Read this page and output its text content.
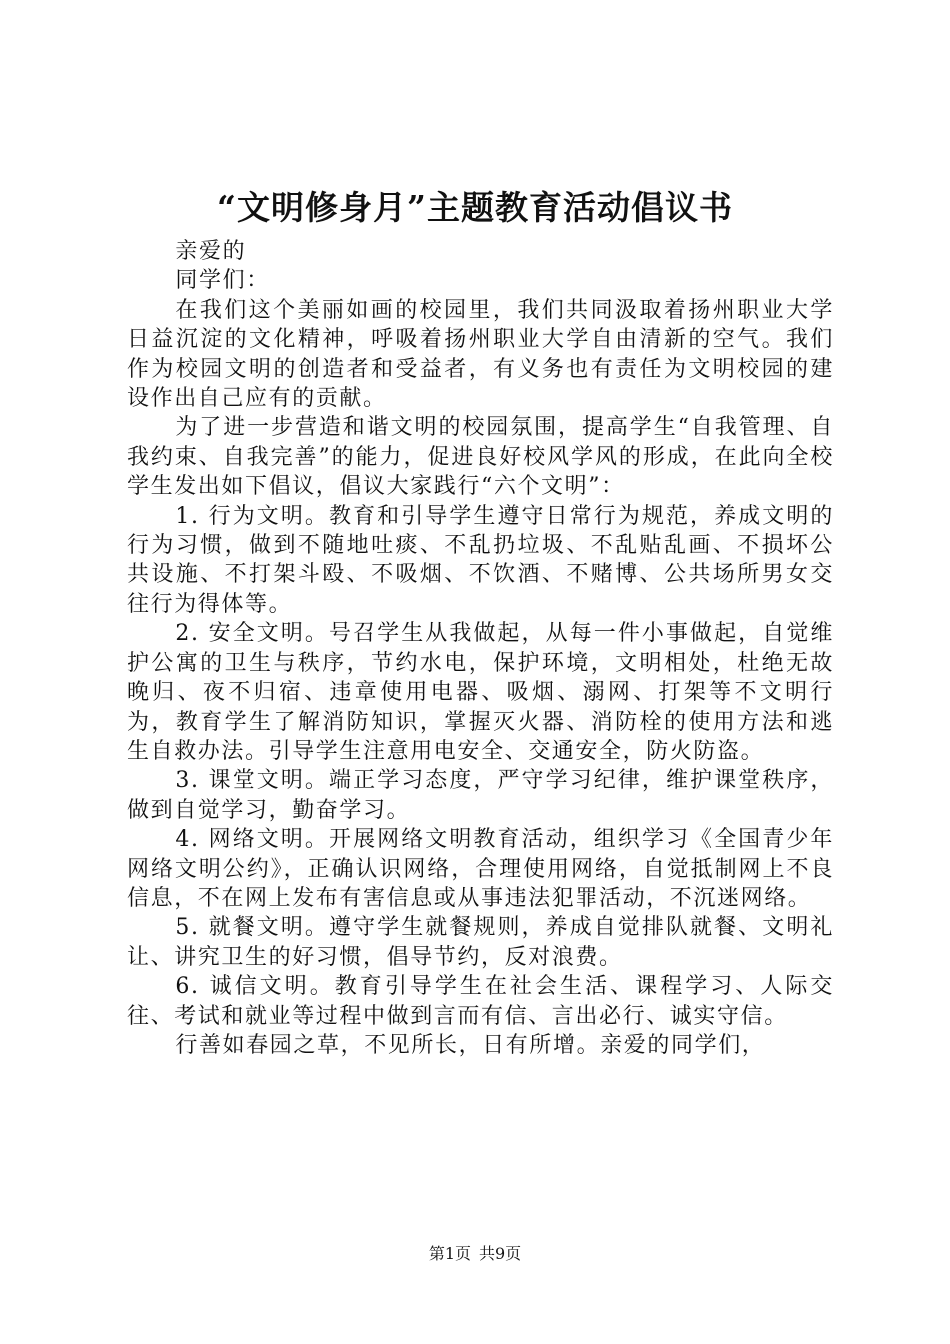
“文明修身月”主题教育活动倡议书

亲爱的

同学们：

在我们这个美丽如画的校园里，我们共同汲取着扬州职业大学日益沉淀的文化精神，呼吸着扬州职业大学自由清新的空气。我们作为校园文明的创造者和受益者，有义务也有责任为文明校园的建设作出自己应有的贡献。

为了进一步营造和谐文明的校园氛围，提高学生“自我管理、自我约束、自我完善”的能力，促进良好校风学风的形成，在此向全校学生发出如下倡议，倡议大家践行“六个文明”：

1. 行为文明。教育和引导学生遵守日常行为规范，养成文明的行为习惯，做到不随地吐痰、不乱扔垃圾、不乱贴乱画、不损坏公共设施、不打架斗殴、不吸烟、不饮酒、不赌博、公共场所男女交往行为得体等。

2. 安全文明。号召学生从我做起，从每一件小事做起，自觉维护公寓的卫生与秩序，节约水电，保护环境，文明相处，杜绝无故晚归、夜不归宿、违章使用电器、吸烟、溺网、打架等不文明行为，教育学生了解消防知识，掌握灭火器、消防栓的使用方法和逃生自救办法。引导学生注意用电安全、交通安全，防火防盗。

3. 课堂文明。端正学习态度，严守学习纪律，维护课堂秩序，做到自觉学习，勤奋学习。

4. 网络文明。开展网络文明教育活动，组织学习《全国青少年网络文明公约》，正确认识网络，合理使用网络，自觉抵制网上不良信息，不在网上发布有害信息或从事违法犯罪活动，不沉迷网络。

5. 就餐文明。遵守学生就餐规则，养成自觉排队就餐、文明礼让、讲究卫生的好习惯，倡导节约，反对浪费。

6. 诚信文明。教育引导学生在社会生活、课程学习、人际交往、考试和就业等过程中做到言而有信、言出必行、诚实守信。

行善如春园之草，不见所长，日有所增。亲爱的同学们，

第1页 共9页
